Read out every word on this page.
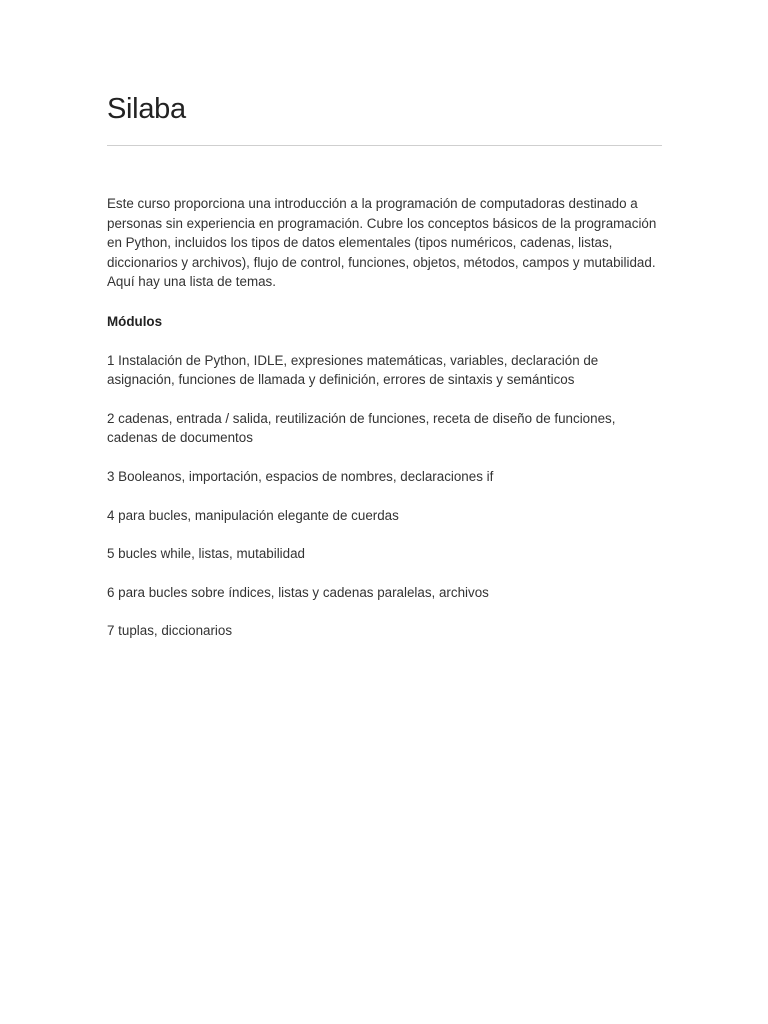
Silaba

Este curso proporciona una introducción a la programación de computadoras destinado a personas sin experiencia en programación. Cubre los conceptos básicos de la programación en Python, incluidos los tipos de datos elementales (tipos numéricos, cadenas, listas, diccionarios y archivos), flujo de control, funciones, objetos, métodos, campos y mutabilidad. Aquí hay una lista de temas.

Módulos

1 Instalación de Python, IDLE, expresiones matemáticas, variables, declaración de asignación, funciones de llamada y definición, errores de sintaxis y semánticos
2 cadenas, entrada / salida, reutilización de funciones, receta de diseño de funciones, cadenas de documentos
3 Booleanos, importación, espacios de nombres, declaraciones if
4 para bucles, manipulación elegante de cuerdas
5 bucles while, listas, mutabilidad
6 para bucles sobre índices, listas y cadenas paralelas, archivos
7 tuplas, diccionarios
